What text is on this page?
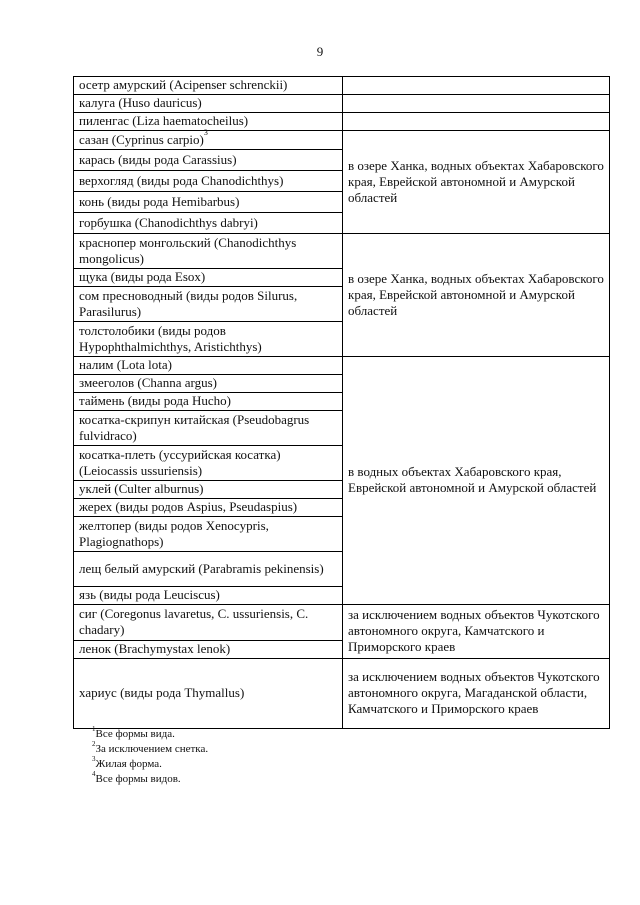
9
осетр амурский (Acipenser schrenckii)	
калуга (Huso dauricus)	
пиленгас (Liza haematocheilus)	
сазан (Cyprinus carpio)$^3$	в озере Ханка, водных объектах Хабаровского края, Еврейской автономной и Амурской областей
карась (виды рода Carassius)	
верхогляд (виды рода Chanodichthys)	
конь (виды рода Hemibarbus)	
горбушка (Chanodichthys dabryi)	
краснопер монгольский (Chanodichthys mongolicus)	в озере Ханка, водных объектах Хабаровского края, Еврейской автономной и Амурской областей
щука (виды рода Esox)	
сом пресноводный (виды родов Silurus, Parasilurus)	
толстолобики (виды родов Hypophthalmichthys, Aristichthys)	
налим (Lota lota)	в водных объектах Хабаровского края, Еврейской автономной и Амурской областей
змееголов (Channa argus)	
таймень (виды рода Hucho)	
косатка-скрипун китайская (Pseudobagrus fulvidraco)	
косатка-плеть (уссурийская косатка) (Leiocassis ussuriensis)	
уклей (Culter alburnus)	
жерех (виды родов Aspius, Pseudaspius)	
желтопер (виды родов Xenocypris, Plagiognathops)	
лещ белый амурский (Parabramis pekinensis)	
язь (виды рода Leuciscus)	
сиг (Coregonus lavaretus, C. ussuriensis, C. chadary)	за исключением водных объектов Чукотского автономного округа, Камчатского и Приморского краев
ленок (Brachymystax lenok)	
хариус (виды рода Thymallus)	за исключением водных объектов Чукотского автономного округа, Магаданской области, Камчатского и Приморского краев
$^1$Все формы вида.
$^2$За исключением снетка.
$^3$Жилая форма.
$^4$Все формы видов.
